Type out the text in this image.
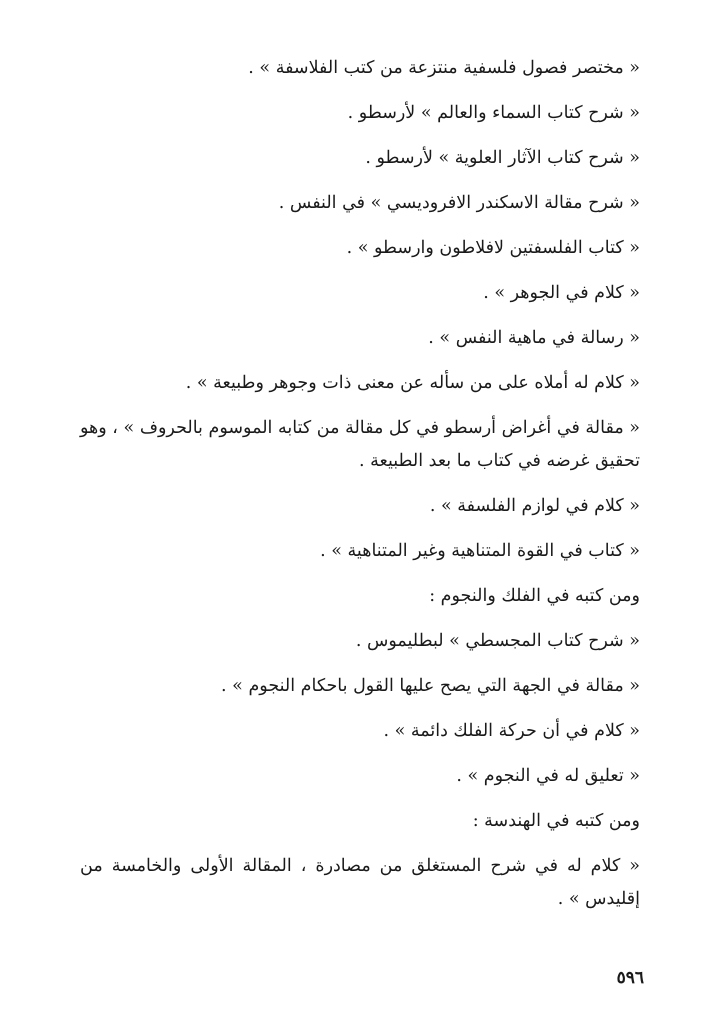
« مختصر فصول فلسفية منتزعة من كتب الفلاسفة » .

« شرح كتاب السماء والعالم » لأرسطو .

« شرح كتاب الآثار العلوية » لأرسطو .

« شرح مقالة الاسكندر الافروديسي » في النفس .

« كتاب الفلسفتين لافلاطون وارسطو » .

« كلام في الجوهر » .

« رسالة في ماهية النفس » .

« كلام له أملاه على من سأله عن معنى ذات وجوهر وطبيعة » .

« مقالة في أغراض أرسطو في كل مقالة من كتابه الموسوم بالحروف » ، وهو تحقيق غرضه في كتاب ما بعد الطبيعة .

« كلام في لوازم الفلسفة » .

« كتاب في القوة المتناهية وغير المتناهية » .

ومن كتبه في الفلك والنجوم :

« شرح كتاب المجسطي » لبطليموس .

« مقالة في الجهة التي يصح عليها القول باحكام النجوم » .

« كلام في أن حركة الفلك دائمة » .

« تعليق له في النجوم » .

ومن كتبه في الهندسة :

« كلام له في شرح المستغلق من مصادرة ، المقالة الأولى والخامسة من إقليدس » .

٥٩٦
